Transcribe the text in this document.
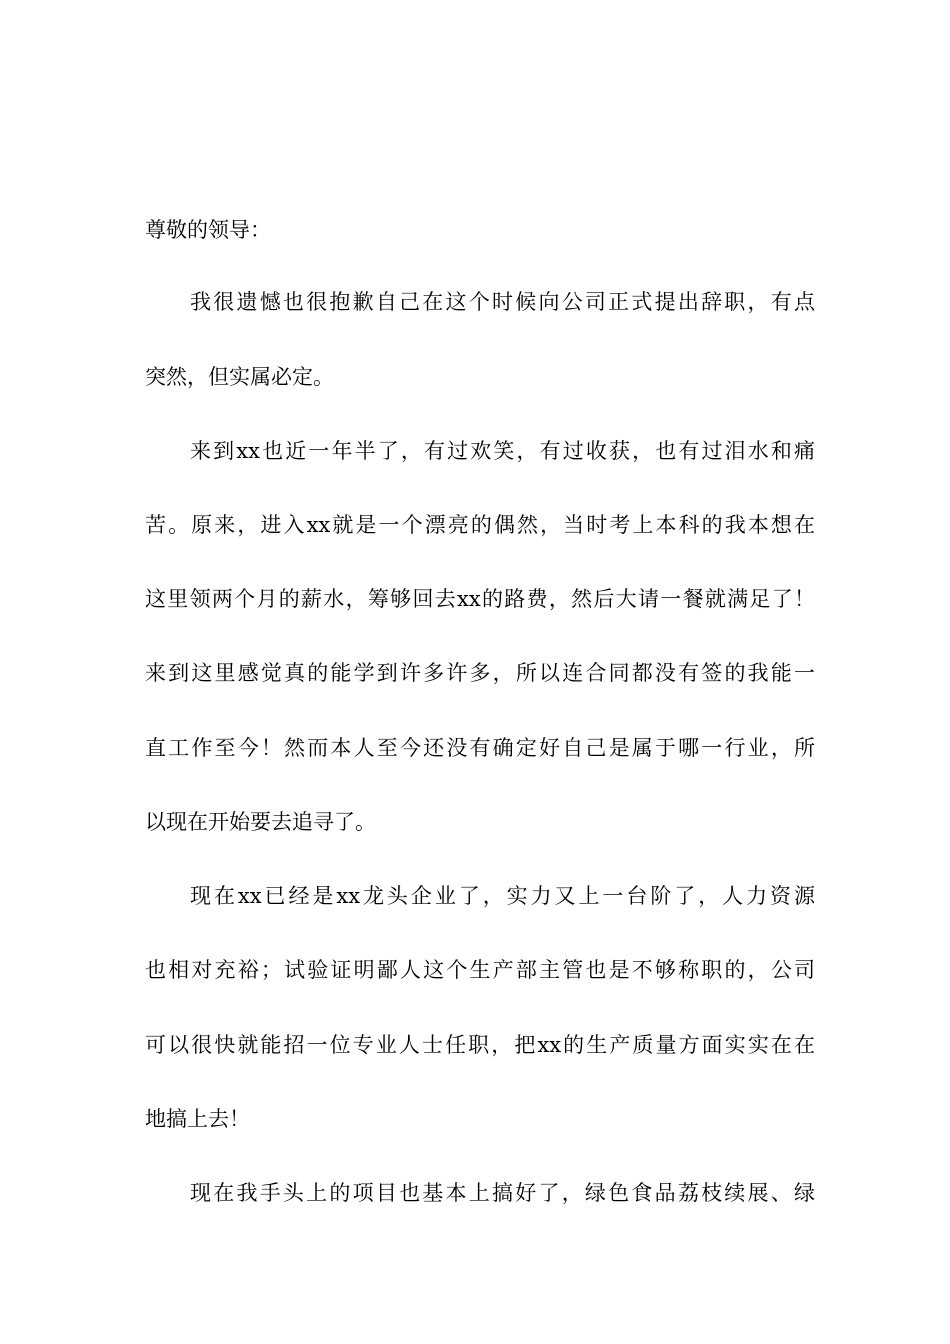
尊敬的领导：
我很遗憾也很抱歉自己在这个时候向公司正式提出辞职，有点
突然，但实属必定。
来到xx也近一年半了，有过欢笑，有过收获，也有过泪水和痛
苦。原来，进入xx就是一个漂亮的偶然，当时考上本科的我本想在
这里领两个月的薪水，筹够回去xx的路费，然后大请一餐就满足了！
来到这里感觉真的能学到许多许多，所以连合同都没有签的我能一
直工作至今！然而本人至今还没有确定好自己是属于哪一行业，所
以现在开始要去追寻了。
现在xx已经是xx龙头企业了，实力又上一台阶了，人力资源
也相对充裕；试验证明鄙人这个生产部主管也是不够称职的，公司
可以很快就能招一位专业人士任职，把xx的生产质量方面实实在在
地搞上去！
现在我手头上的项目也基本上搞好了，绿色食品荔枝续展、绿
